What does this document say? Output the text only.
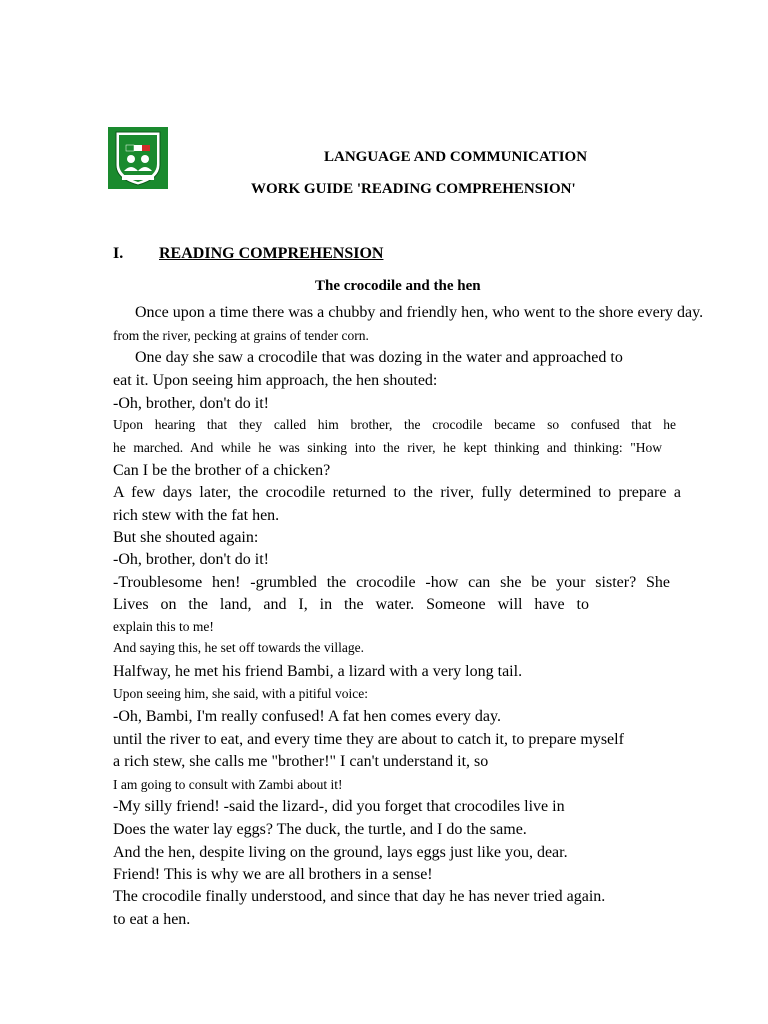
LANGUAGE AND COMMUNICATION
WORK GUIDE 'READING COMPREHENSION'
I. READING COMPREHENSION
The crocodile and the hen
Once upon a time there was a chubby and friendly hen, who went to the shore every day.
from the river, pecking at grains of tender corn.
One day she saw a crocodile that was dozing in the water and approached to
eat it. Upon seeing him approach, the hen shouted:
-Oh, brother, don't do it!
Upon hearing that they called him brother, the crocodile became so confused that he
he marched. And while he was sinking into the river, he kept thinking and thinking: "How
Can I be the brother of a chicken?
A few days later, the crocodile returned to the river, fully determined to prepare a
rich stew with the fat hen.
But she shouted again:
-Oh, brother, don't do it!
-Troublesome hen! -grumbled the crocodile -how can she be your sister? She
Lives on the land, and I, in the water. Someone will have to
explain this to me!
And saying this, he set off towards the village.
Halfway, he met his friend Bambi, a lizard with a very long tail.
Upon seeing him, she said, with a pitiful voice:
-Oh, Bambi, I'm really confused! A fat hen comes every day.
until the river to eat, and every time they are about to catch it, to prepare myself
a rich stew, she calls me "brother!" I can't understand it, so
I am going to consult with Zambi about it!
-My silly friend! -said the lizard-, did you forget that crocodiles live in
Does the water lay eggs? The duck, the turtle, and I do the same.
And the hen, despite living on the ground, lays eggs just like you, dear.
Friend! This is why we are all brothers in a sense!
The crocodile finally understood, and since that day he has never tried again.
to eat a hen.
